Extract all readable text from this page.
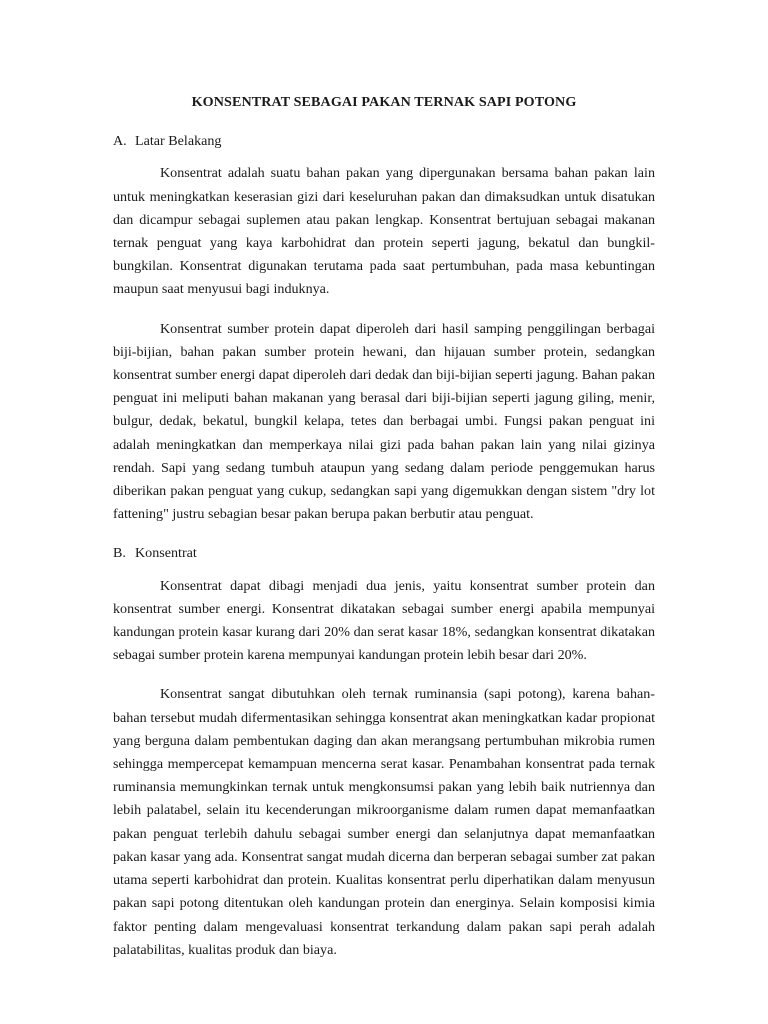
KONSENTRAT SEBAGAI PAKAN TERNAK SAPI POTONG

A. Latar Belakang

Konsentrat adalah suatu bahan pakan yang dipergunakan bersama bahan pakan lain untuk meningkatkan keserasian gizi dari keseluruhan pakan dan dimaksudkan untuk disatukan dan dicampur sebagai suplemen atau pakan lengkap. Konsentrat bertujuan sebagai makanan ternak penguat yang kaya karbohidrat dan protein seperti jagung, bekatul dan bungkil-bungkilan. Konsentrat digunakan terutama pada saat pertumbuhan, pada masa kebuntingan maupun saat menyusui bagi induknya.

Konsentrat sumber protein dapat diperoleh dari hasil samping penggilingan berbagai biji-bijian, bahan pakan sumber protein hewani, dan hijauan sumber protein, sedangkan konsentrat sumber energi dapat diperoleh dari dedak dan biji-bijian seperti jagung. Bahan pakan penguat ini meliputi bahan makanan yang berasal dari biji-bijian seperti jagung giling, menir, bulgur, dedak, bekatul, bungkil kelapa, tetes dan berbagai umbi. Fungsi pakan penguat ini adalah meningkatkan dan memperkaya nilai gizi pada bahan pakan lain yang nilai gizinya rendah. Sapi yang sedang tumbuh ataupun yang sedang dalam periode penggemukan harus diberikan pakan penguat yang cukup, sedangkan sapi yang digemukkan dengan sistem "dry lot fattening" justru sebagian besar pakan berupa pakan berbutir atau penguat.

B. Konsentrat

Konsentrat dapat dibagi menjadi dua jenis, yaitu konsentrat sumber protein dan konsentrat sumber energi. Konsentrat dikatakan sebagai sumber energi apabila mempunyai kandungan protein kasar kurang dari 20% dan serat kasar 18%, sedangkan konsentrat dikatakan sebagai sumber protein karena mempunyai kandungan protein lebih besar dari 20%.

Konsentrat sangat dibutuhkan oleh ternak ruminansia (sapi potong), karena bahan-bahan tersebut mudah difermentasikan sehingga konsentrat akan meningkatkan kadar propionat yang berguna dalam pembentukan daging dan akan merangsang pertumbuhan mikrobia rumen sehingga mempercepat kemampuan mencerna serat kasar. Penambahan konsentrat pada ternak ruminansia memungkinkan ternak untuk mengkonsumsi pakan yang lebih baik nutriennya dan lebih palatabel, selain itu kecenderungan mikroorganisme dalam rumen dapat memanfaatkan pakan penguat terlebih dahulu sebagai sumber energi dan selanjutnya dapat memanfaatkan pakan kasar yang ada. Konsentrat sangat mudah dicerna dan berperan sebagai sumber zat pakan utama seperti karbohidrat dan protein. Kualitas konsentrat perlu diperhatikan dalam menyusun pakan sapi potong ditentukan oleh kandungan protein dan energinya. Selain komposisi kimia faktor penting dalam mengevaluasi konsentrat terkandung dalam pakan sapi perah adalah palatabilitas, kualitas produk dan biaya.
